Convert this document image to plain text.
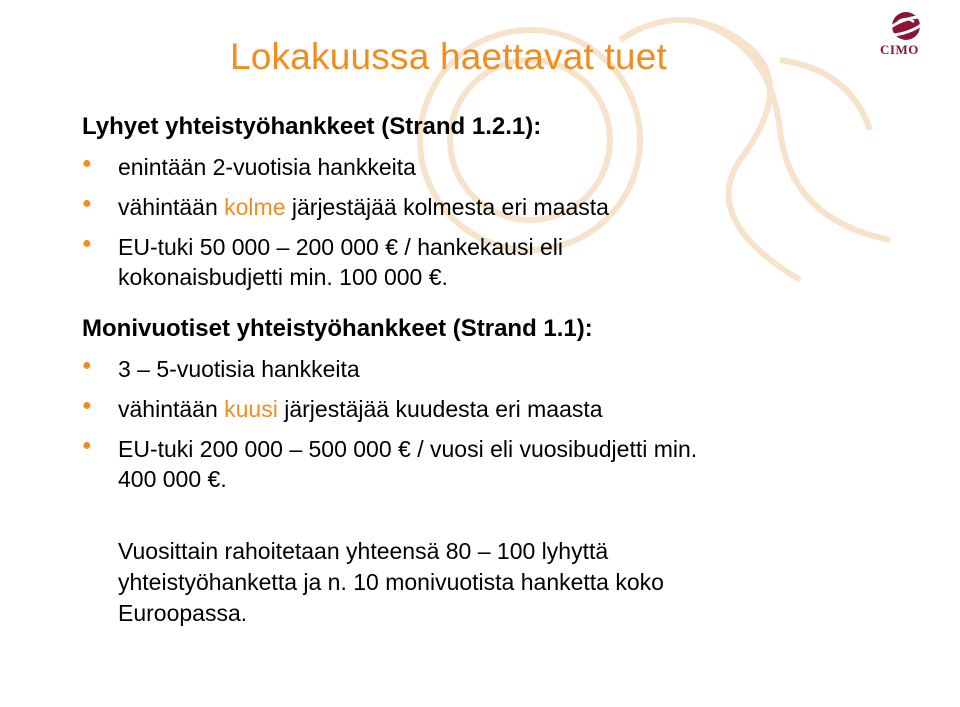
Lokakuussa haettavat tuet	CIMO
Lyhyet yhteistyöhankkeet (Strand 1.2.1):
● enintään 2-vuotisia hankkeita
● vähintään kolme järjestäjää kolmesta eri maasta
● EU-tuki 50 000 – 200 000 € / hankekausi eli
kokonaisbudjetti min. 100 000 €.
Monivuotiset yhteistyöhankkeet (Strand 1.1):
● 3 – 5-vuotisia hankkeita
● vähintään kuusi järjestäjää kuudesta eri maasta
● EU-tuki 200 000 – 500 000 € / vuosi eli vuosibudjetti min.
400 000 €.
Vuosittain rahoitetaan yhteensä 80 – 100 lyhyttä
yhteistyöhanketta ja n. 10 monivuotista hanketta koko
Euroopassa.
